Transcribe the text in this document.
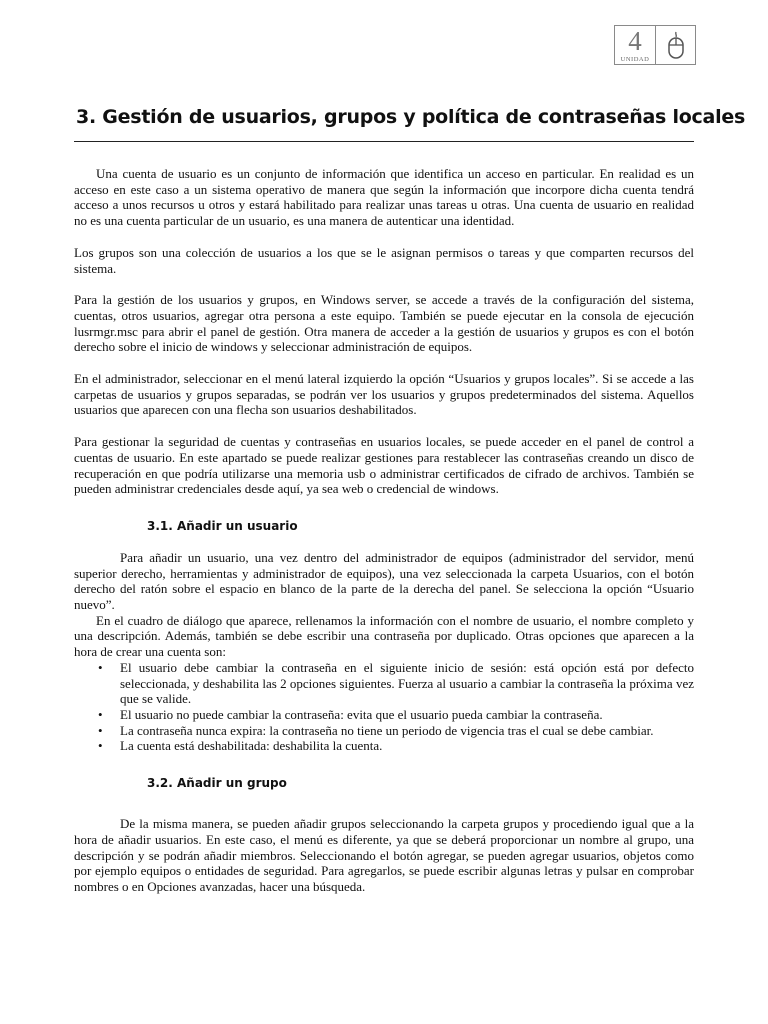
4
UNIDAD
3. Gestión de usuarios, grupos y política de contraseñas locales

Una cuenta de usuario es un conjunto de información que identifica un acceso en particular. En realidad es un acceso en este caso a un sistema operativo de manera que según la información que incorpore dicha cuenta tendrá acceso a unos recursos u otros y estará habilitado para realizar unas tareas u otras. Una cuenta de usuario en realidad no es una cuenta particular de un usuario, es una manera de autenticar una identidad.

Los grupos son una colección de usuarios a los que se le asignan permisos o tareas y que comparten recursos del sistema.

Para la gestión de los usuarios y grupos, en Windows server, se accede a través de la configuración del sistema, cuentas, otros usuarios, agregar otra persona a este equipo. También se puede ejecutar en la consola de ejecución lusrmgr.msc para abrir el panel de gestión. Otra manera de acceder a la gestión de usuarios y grupos es con el botón derecho sobre el inicio de windows y seleccionar administración de equipos.

En el administrador, seleccionar en el menú lateral izquierdo la opción “Usuarios y grupos locales”. Si se accede a las carpetas de usuarios y grupos separadas, se podrán ver los usuarios y grupos predeterminados del sistema. Aquellos usuarios que aparecen con una flecha son usuarios deshabilitados.

Para gestionar la seguridad de cuentas y contraseñas en usuarios locales, se puede acceder en el panel de control a cuentas de usuario. En este apartado se puede realizar gestiones para restablecer las contraseñas creando un disco de recuperación en que podría utilizarse una memoria usb o administrar certificados de cifrado de archivos. También se pueden administrar credenciales desde aquí, ya sea web o credencial de windows.

3.1. Añadir un usuario

Para añadir un usuario, una vez dentro del administrador de equipos (administrador del servidor, menú superior derecho, herramientas y administrador de equipos), una vez seleccionada la carpeta Usuarios, con el botón derecho del ratón sobre el espacio en blanco de la parte de la derecha del panel. Se selecciona la opción “Usuario nuevo”.

En el cuadro de diálogo que aparece, rellenamos la información con el nombre de usuario, el nombre completo y una descripción. Además, también se debe escribir una contraseña por duplicado. Otras opciones que aparecen a la hora de crear una cuenta son:

• El usuario debe cambiar la contraseña en el siguiente inicio de sesión: está opción está por defecto seleccionada, y deshabilita las 2 opciones siguientes. Fuerza al usuario a cambiar la contraseña la próxima vez que se valide.
• El usuario no puede cambiar la contraseña: evita que el usuario pueda cambiar la contraseña.
• La contraseña nunca expira: la contraseña no tiene un periodo de vigencia tras el cual se debe cambiar.
• La cuenta está deshabilitada: deshabilita la cuenta.
3.2. Añadir un grupo

De la misma manera, se pueden añadir grupos seleccionando la carpeta grupos y procediendo igual que a la hora de añadir usuarios. En este caso, el menú es diferente, ya que se deberá proporcionar un nombre al grupo, una descripción y se podrán añadir miembros. Seleccionando el botón agregar, se pueden agregar usuarios, objetos como por ejemplo equipos o entidades de seguridad. Para agregarlos, se puede escribir algunas letras y pulsar en comprobar nombres o en Opciones avanzadas, hacer una búsqueda.
